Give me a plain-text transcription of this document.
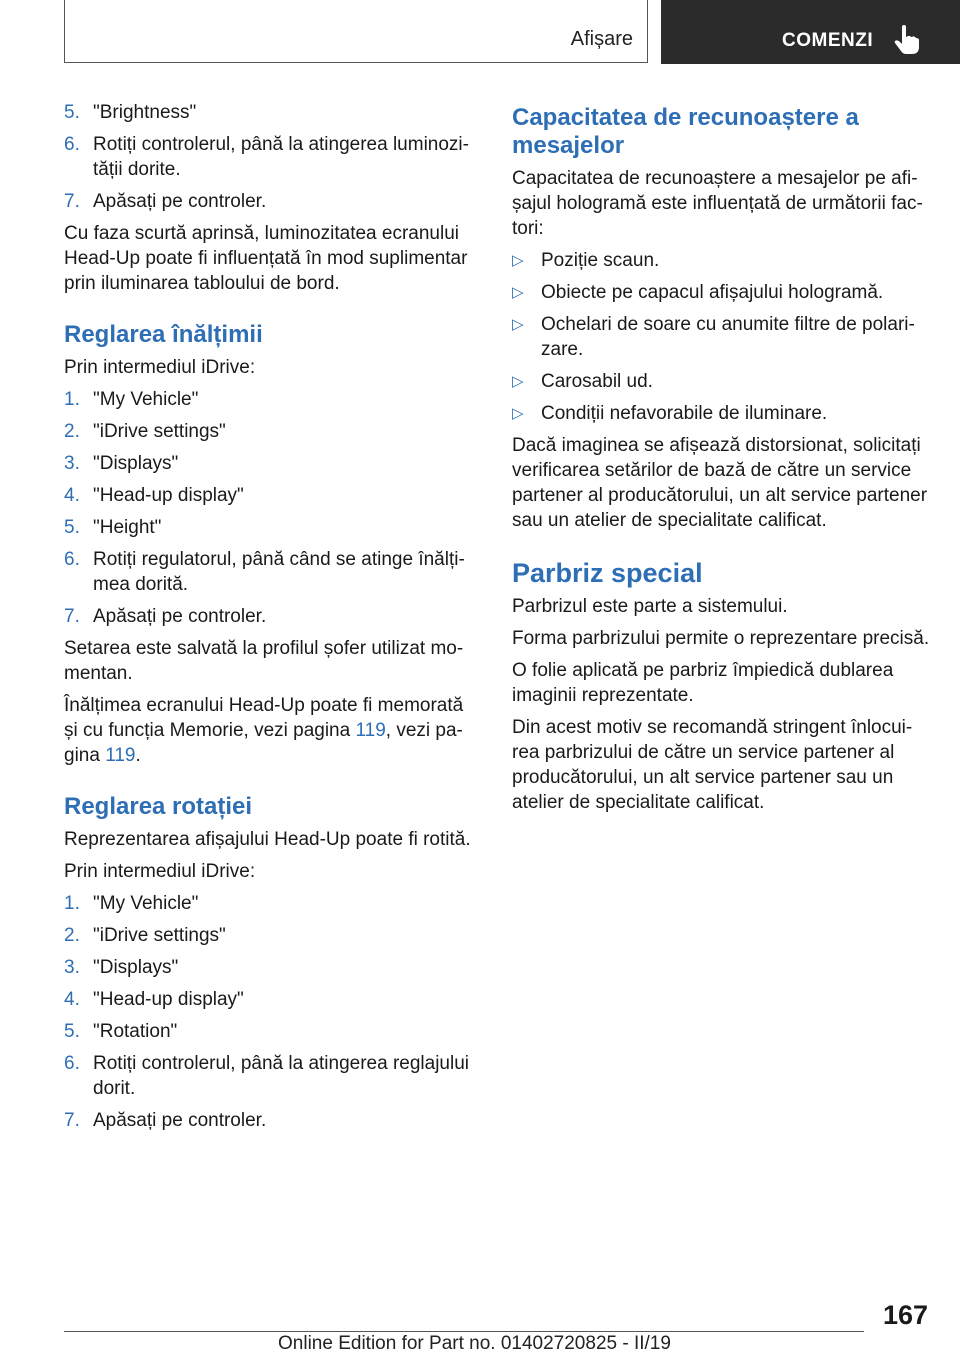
Afișare	COMENZI
5. "Brightness"
6. Rotiți controlerul, până la atingerea luminozi‐tății dorite.
7. Apăsați pe controler.

Cu faza scurtă aprinsă, luminozitatea ecranului Head-Up poate fi influențată în mod suplimentar prin iluminarea tabloului de bord.

Reglarea înălțimii

Prin intermediul iDrive:

1. "My Vehicle"
2. "iDrive settings"
3. "Displays"
4. "Head-up display"
5. "Height"
6. Rotiți regulatorul, până când se atinge înălți‐mea dorită.
7. Apăsați pe controler.

Setarea este salvată la profilul șofer utilizat mo‐mentan.

Înălțimea ecranului Head-Up poate fi memorată și cu funcția Memorie, vezi pagina 119, vezi pa‐gina 119.

Reglarea rotației

Reprezentarea afișajului Head-Up poate fi rotită.

Prin intermediul iDrive:

1. "My Vehicle"
2. "iDrive settings"
3. "Displays"
4. "Head-up display"
5. "Rotation"
6. Rotiți controlerul, până la atingerea reglajului dorit.
7. Apăsați pe controler.
Capacitatea de recunoaștere a mesajelor

Capacitatea de recunoaștere a mesajelor pe afi‐șajul hologramă este influențată de următorii fac‐tori:

▷ Poziție scaun.
▷ Obiecte pe capacul afișajului hologramă.
▷ Ochelari de soare cu anumite filtre de polari‐zare.
▷ Carosabil ud.
▷ Condiții nefavorabile de iluminare.

Dacă imaginea se afișează distorsionat, solicitați verificarea setărilor de bază de către un service partener al producătorului, un alt service partener sau un atelier de specialitate calificat.

Parbriz special

Parbrizul este parte a sistemului.

Forma parbrizului permite o reprezentare precisă.

O folie aplicată pe parbriz împiedică dublarea imaginii reprezentate.

Din acest motiv se recomandă stringent înlocui‐rea parbrizului de către un service partener al producătorului, un alt service partener sau un atelier de specialitate calificat.

167
Online Edition for Part no. 01402720825 - II/19
